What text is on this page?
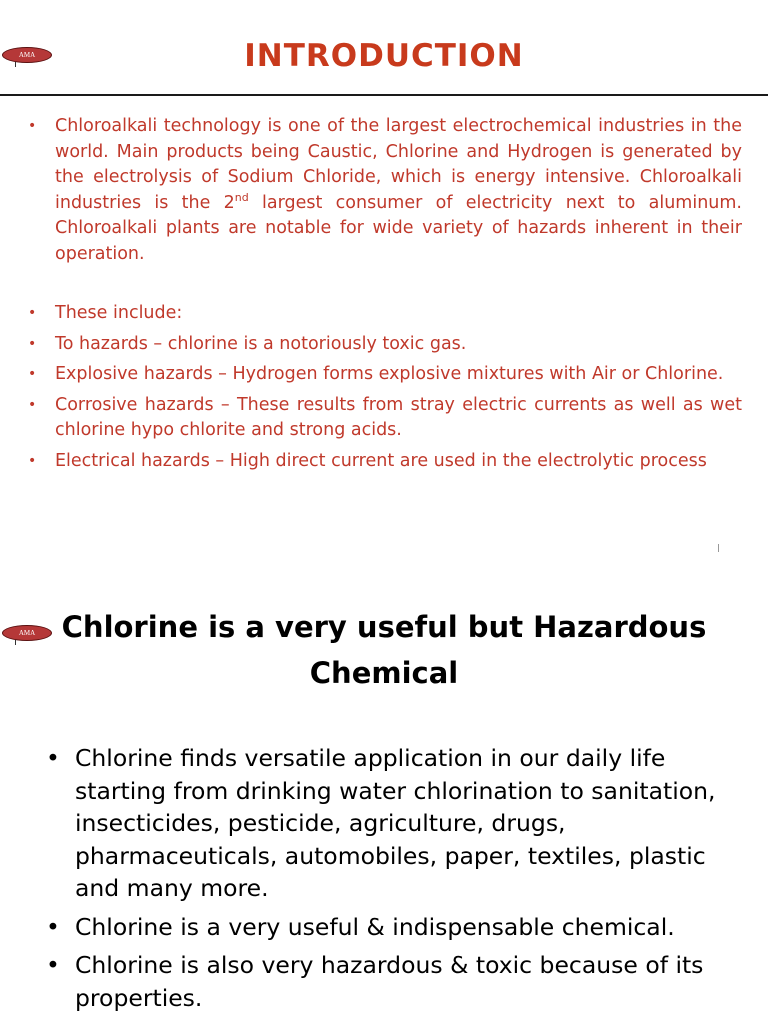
AMA	INTRODUCTION
• Chloroalkali technology is one of the largest electrochemical industries in the world. Main products being Caustic, Chlorine and Hydrogen is generated by the electrolysis of Sodium Chloride, which is energy intensive. Chloroalkali industries is the 2nd largest consumer of electricity next to aluminum. Chloroalkali plants are notable for wide variety of hazards inherent in their operation.
• These include:
• To hazards – chlorine is a notoriously toxic gas.
• Explosive hazards – Hydrogen forms explosive mixtures with Air or Chlorine.
• Corrosive hazards – These results from stray electric currents as well as wet chlorine hypo chlorite and strong acids.
• Electrical hazards – High direct current are used in the electrolytic process
AMA Chlorine is a very useful but Hazardous
Chemical
• Chlorine finds versatile application in our daily life starting from drinking water chlorination to sanitation, insecticides, pesticide, agriculture, drugs, pharmaceuticals, automobiles, paper, textiles, plastic and many more.
• Chlorine is a very useful & indispensable chemical.
• Chlorine is also very hazardous & toxic because of its properties.
